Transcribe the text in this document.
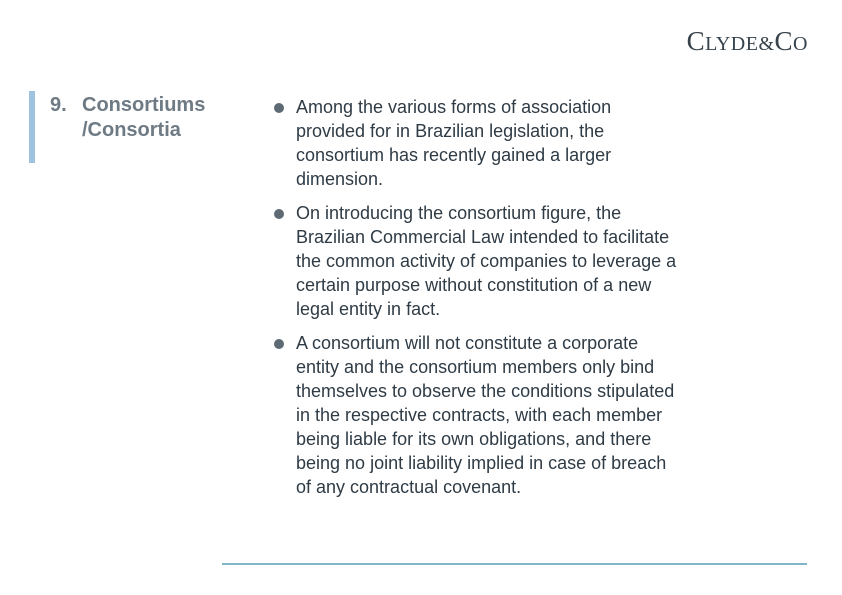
CLYDE&CO
9. Consortiums
/Consortia
Among the various forms of association provided for in Brazilian legislation, the consortium has recently gained a larger dimension.
On introducing the consortium figure, the Brazilian Commercial Law intended to facilitate the common activity of companies to leverage a certain purpose without constitution of a new legal entity in fact.
A consortium will not constitute a corporate entity and the consortium members only bind themselves to observe the conditions stipulated in the respective contracts, with each member being liable for its own obligations, and there being no joint liability implied in case of breach of any contractual covenant.
